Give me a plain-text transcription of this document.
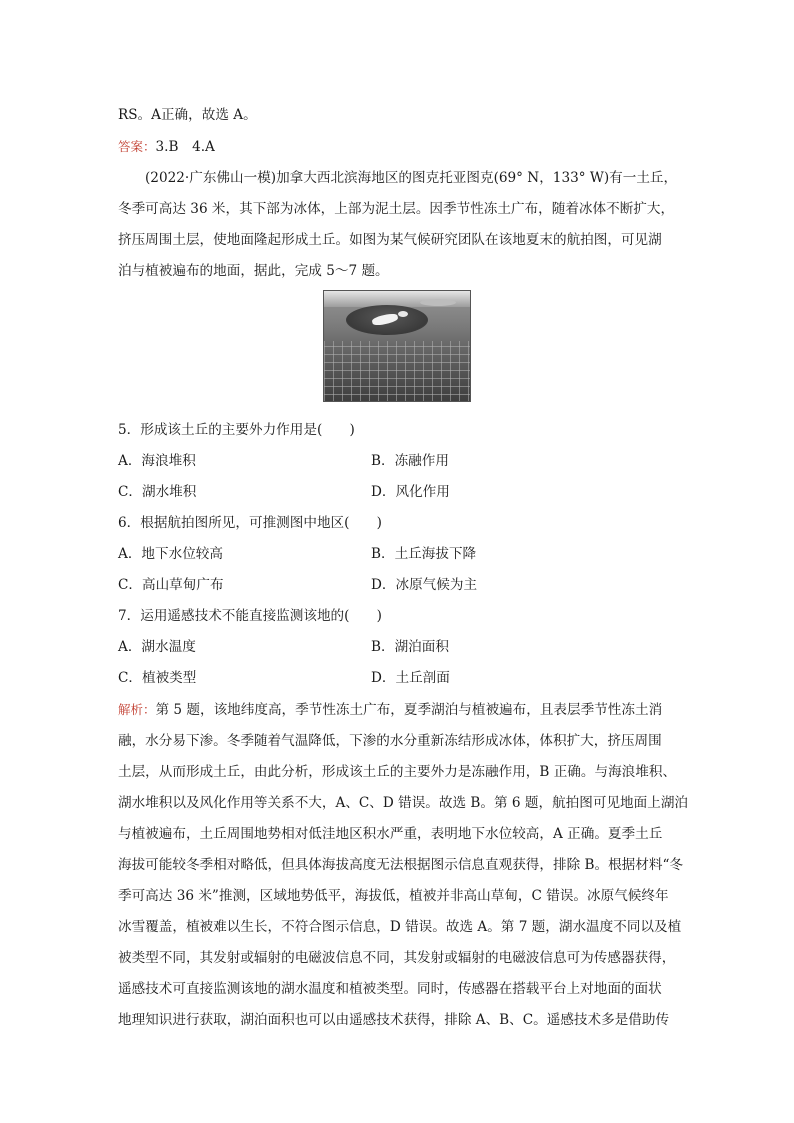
RS。A正确，故选 A。
答案：3.B　4.A
(2022·广东佛山一模)加拿大西北滨海地区的图克托亚图克(69° N，133° W)有一土丘，
冬季可高达 36 米，其下部为冰体，上部为泥土层。因季节性冻土广布，随着冰体不断扩大，
挤压周围土层，使地面隆起形成土丘。如图为某气候研究团队在该地夏末的航拍图，可见湖
泊与植被遍布的地面，据此，完成 5～7 题。
5．形成该土丘的主要外力作用是(　　)
A．海浪堆积	B．冻融作用
C．湖水堆积	D．风化作用
6．根据航拍图所见，可推测图中地区(　　)
A．地下水位较高	B．土丘海拔下降
C．高山草甸广布	D．冰原气候为主
7．运用遥感技术不能直接监测该地的(　　)
A．湖水温度	B．湖泊面积
C．植被类型	D．土丘剖面
解析：第 5 题，该地纬度高，季节性冻土广布，夏季湖泊与植被遍布，且表层季节性冻土消
融，水分易下渗。冬季随着气温降低，下渗的水分重新冻结形成冰体，体积扩大，挤压周围
土层，从而形成土丘，由此分析，形成该土丘的主要外力是冻融作用，B 正确。与海浪堆积、
湖水堆积以及风化作用等关系不大，A、C、D 错误。故选 B。第 6 题，航拍图可见地面上湖泊
与植被遍布，土丘周围地势相对低洼地区积水严重，表明地下水位较高，A 正确。夏季土丘
海拔可能较冬季相对略低，但具体海拔高度无法根据图示信息直观获得，排除 B。根据材料“冬
季可高达 36 米”推测，区域地势低平，海拔低，植被并非高山草甸，C 错误。冰原气候终年
冰雪覆盖，植被难以生长，不符合图示信息，D 错误。故选 A。第 7 题，湖水温度不同以及植
被类型不同，其发射或辐射的电磁波信息不同，其发射或辐射的电磁波信息可为传感器获得，
遥感技术可直接监测该地的湖水温度和植被类型。同时，传感器在搭载平台上对地面的面状
地理知识进行获取，湖泊面积也可以由遥感技术获得，排除 A、B、C。遥感技术多是借助传
